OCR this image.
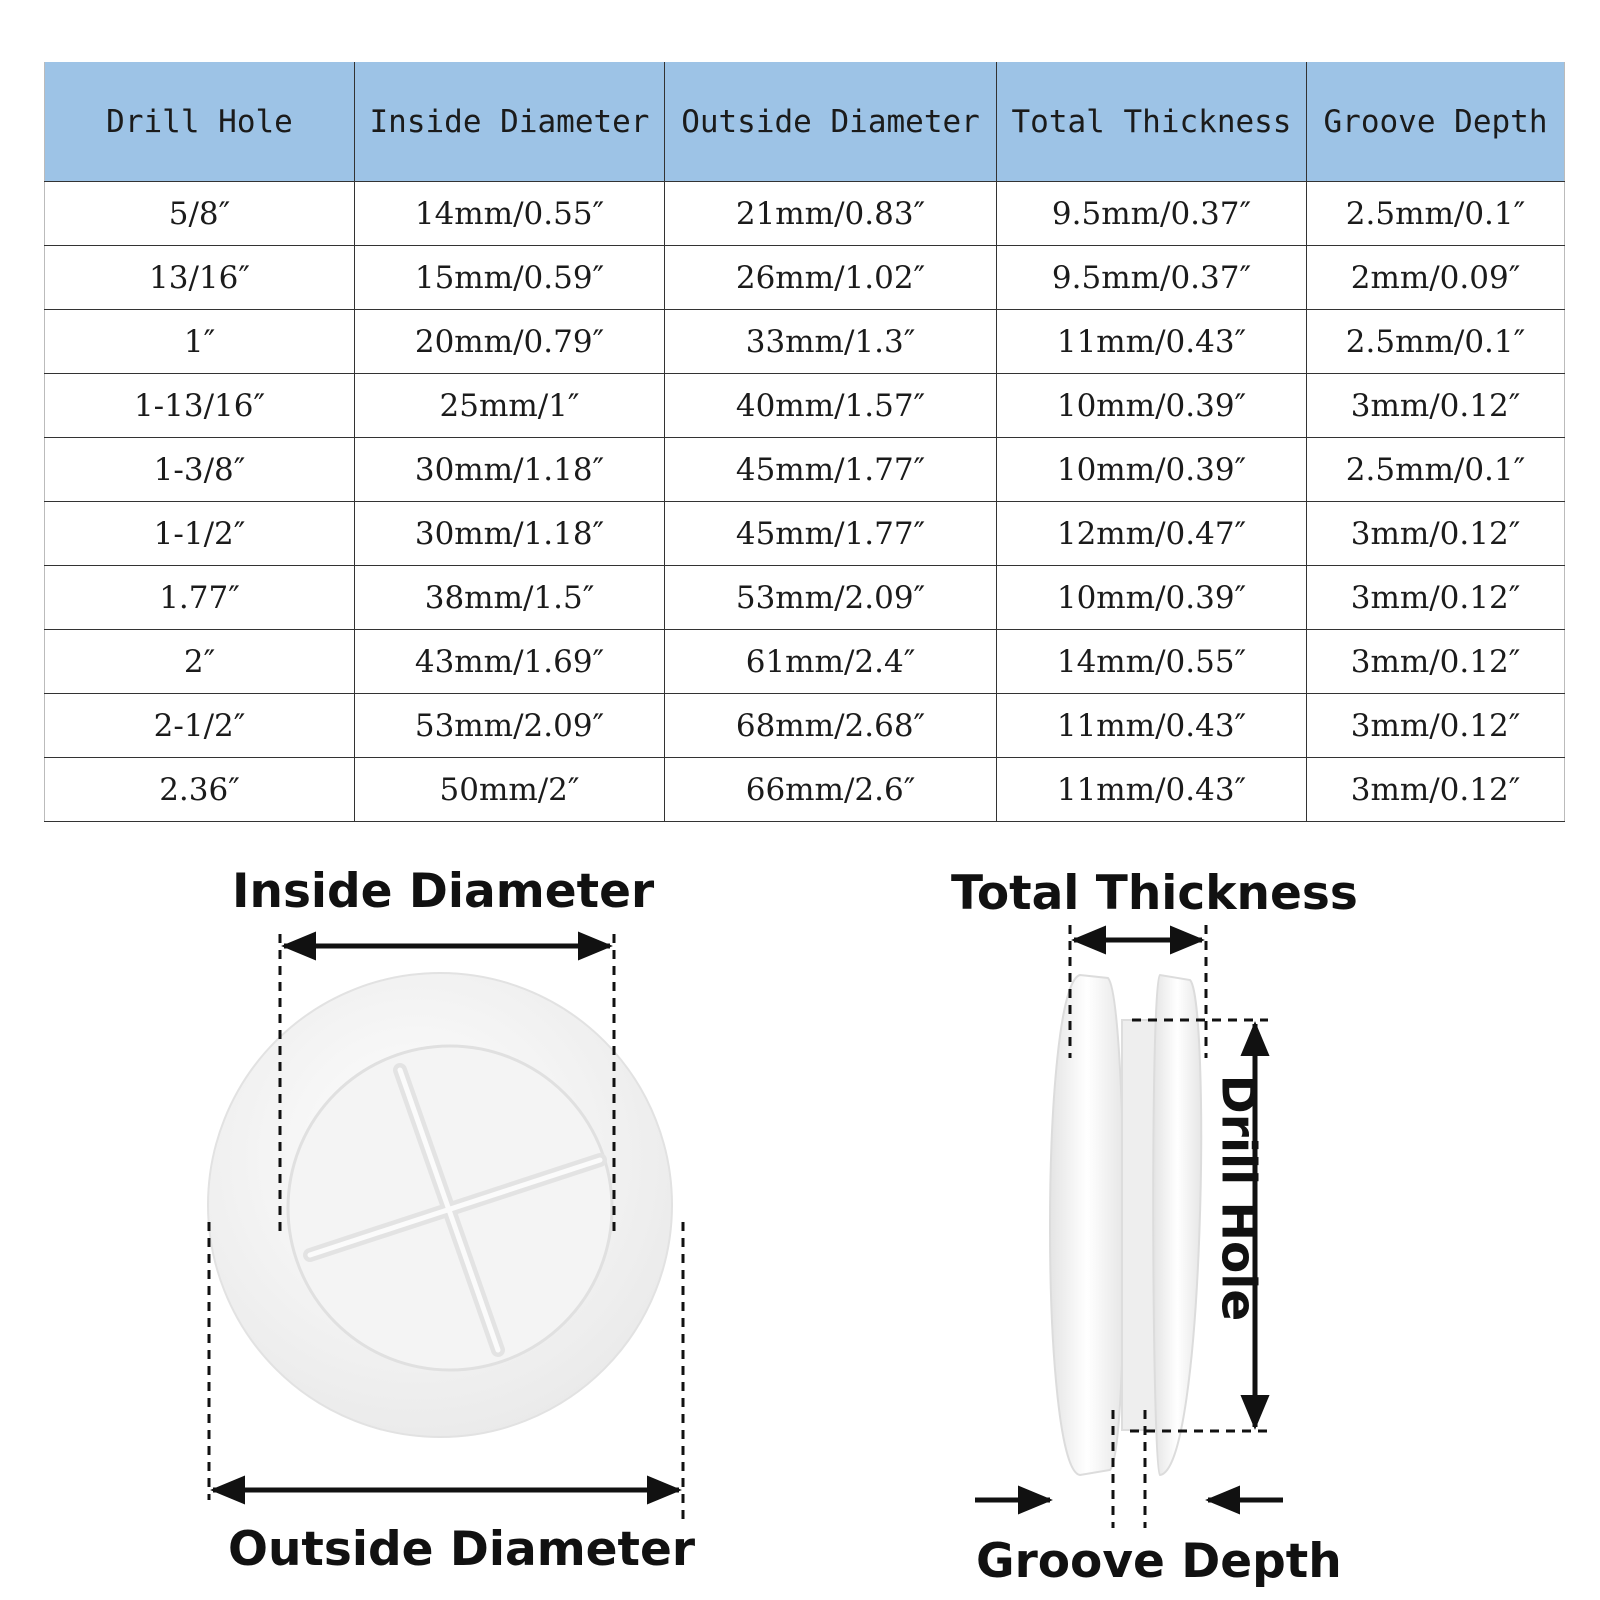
Drill Hole	Inside Diameter	Outside Diameter	Total Thickness	Groove Depth
5/8″	14mm/0.55″	21mm/0.83″	9.5mm/0.37″	2.5mm/0.1″
13/16″	15mm/0.59″	26mm/1.02″	9.5mm/0.37″	2mm/0.09″
1″	20mm/0.79″	33mm/1.3″	11mm/0.43″	2.5mm/0.1″
1-13/16″	25mm/1″	40mm/1.57″	10mm/0.39″	3mm/0.12″
1-3/8″	30mm/1.18″	45mm/1.77″	10mm/0.39″	2.5mm/0.1″
1-1/2″	30mm/1.18″	45mm/1.77″	12mm/0.47″	3mm/0.12″
1.77″	38mm/1.5″	53mm/2.09″	10mm/0.39″	3mm/0.12″
2″	43mm/1.69″	61mm/2.4″	14mm/0.55″	3mm/0.12″
2-1/2″	53mm/2.09″	68mm/2.68″	11mm/0.43″	3mm/0.12″
2.36″	50mm/2″	66mm/2.6″	11mm/0.43″	3mm/0.12″
Inside Diameter
Outside Diameter
Total Thickness
Groove Depth
Drill Hole
